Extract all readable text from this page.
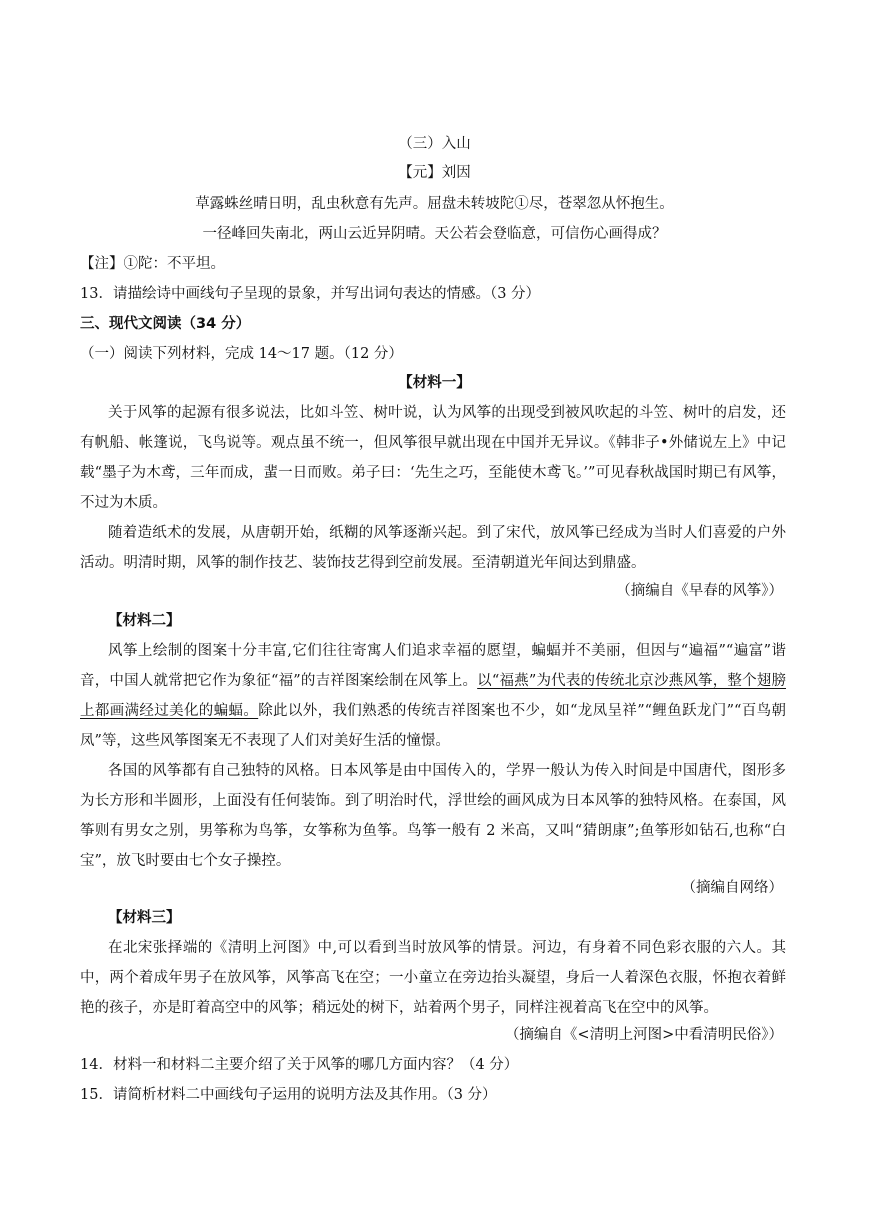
（三）入山
【元】刘因
草露蛛丝晴日明，乱虫秋意有先声。屈盘未转坡陀①尽，苍翠忽从怀抱生。
一径峰回失南北，两山云近异阴晴。天公若会登临意，可信伤心画得成？
【注】①陀：不平坦。
13．请描绘诗中画线句子呈现的景象，并写出词句表达的情感。（3 分）
三、现代文阅读（34 分）
（一）阅读下列材料，完成 14～17 题。（12 分）
【材料一】
关于风筝的起源有很多说法，比如斗笠、树叶说，认为风筝的出现受到被风吹起的斗笠、树叶的启发，还有帆船、帐篷说，飞鸟说等。观点虽不统一，但风筝很早就出现在中国并无异议。《韩非子•外储说左上》中记载“墨子为木鸢，三年而成，蜚一日而败。弟子曰：‘先生之巧，至能使木鸢飞。’”可见春秋战国时期已有风筝，不过为木质。
随着造纸术的发展，从唐朝开始，纸糊的风筝逐渐兴起。到了宋代，放风筝已经成为当时人们喜爱的户外活动。明清时期，风筝的制作技艺、装饰技艺得到空前发展。至清朝道光年间达到鼎盛。
（摘编自《早春的风筝》）
【材料二】
风筝上绘制的图案十分丰富,它们往往寄寓人们追求幸福的愿望，蝙蝠并不美丽，但因与“遍福”“遍富”谐音，中国人就常把它作为象征“福”的吉祥图案绘制在风筝上。以“福燕”为代表的传统北京沙燕风筝，整个翅膀上都画满经过美化的蝙蝠。除此以外，我们熟悉的传统吉祥图案也不少，如“龙凤呈祥”“鲤鱼跃龙门”“百鸟朝凤”等，这些风筝图案无不表现了人们对美好生活的憧憬。
各国的风筝都有自己独特的风格。日本风筝是由中国传入的，学界一般认为传入时间是中国唐代，图形多为长方形和半圆形，上面没有任何装饰。到了明治时代，浮世绘的画风成为日本风筝的独特风格。在泰国，风筝则有男女之别，男筝称为鸟筝，女筝称为鱼筝。鸟筝一般有 2 米高，又叫“猜朗康”;鱼筝形如钻石,也称“白宝”，放飞时要由七个女子操控。
（摘编自网络）
【材料三】
在北宋张择端的《清明上河图》中,可以看到当时放风筝的情景。河边，有身着不同色彩衣服的六人。其中，两个着成年男子在放风筝，风筝高飞在空；一小童立在旁边抬头凝望，身后一人着深色衣服，怀抱衣着鲜艳的孩子，亦是盯着高空中的风筝；稍远处的树下，站着两个男子，同样注视着高飞在空中的风筝。
（摘编自《<清明上河图>中看清明民俗》）
14．材料一和材料二主要介绍了关于风筝的哪几方面内容？（4 分）
15．请简析材料二中画线句子运用的说明方法及其作用。（3 分）
